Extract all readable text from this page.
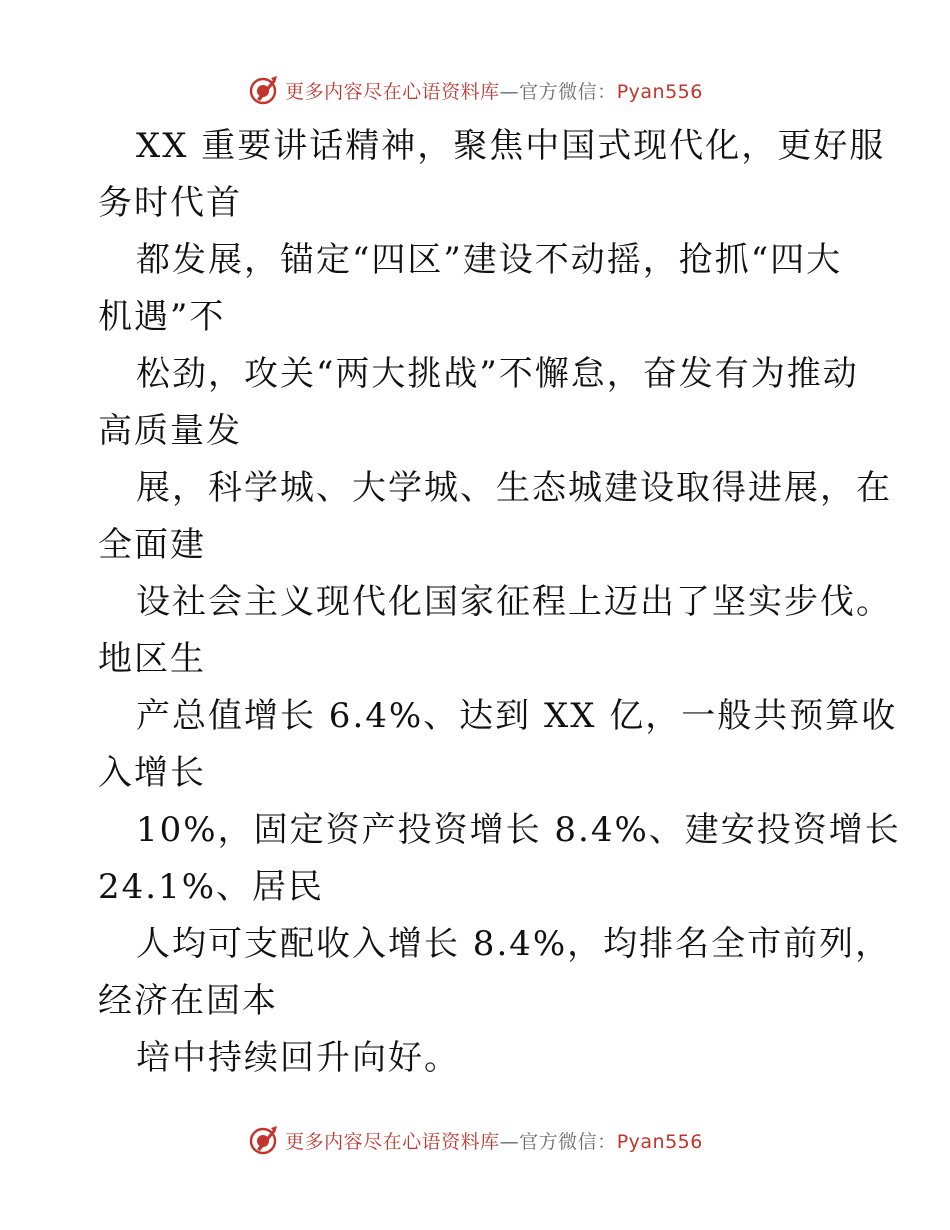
更多内容尽在心语资料库—官方微信：Pyan556
XX 重要讲话精神，聚焦中国式现代化，更好服
务时代首
都发展，锚定“四区”建设不动摇，抢抓“四大
机遇”不
松劲，攻关“两大挑战”不懈怠，奋发有为推动
高质量发
展，科学城、大学城、生态城建设取得进展，在
全面建
设社会主义现代化国家征程上迈出了坚实步伐。
地区生
产总值增长 6.4%、达到 XX 亿，一般共预算收
入增长
10%，固定资产投资增长 8.4%、建安投资增长
24.1%、居民
人均可支配收入增长 8.4%，均排名全市前列，
经济在固本
培中持续回升向好。
更多内容尽在心语资料库—官方微信：Pyan556
